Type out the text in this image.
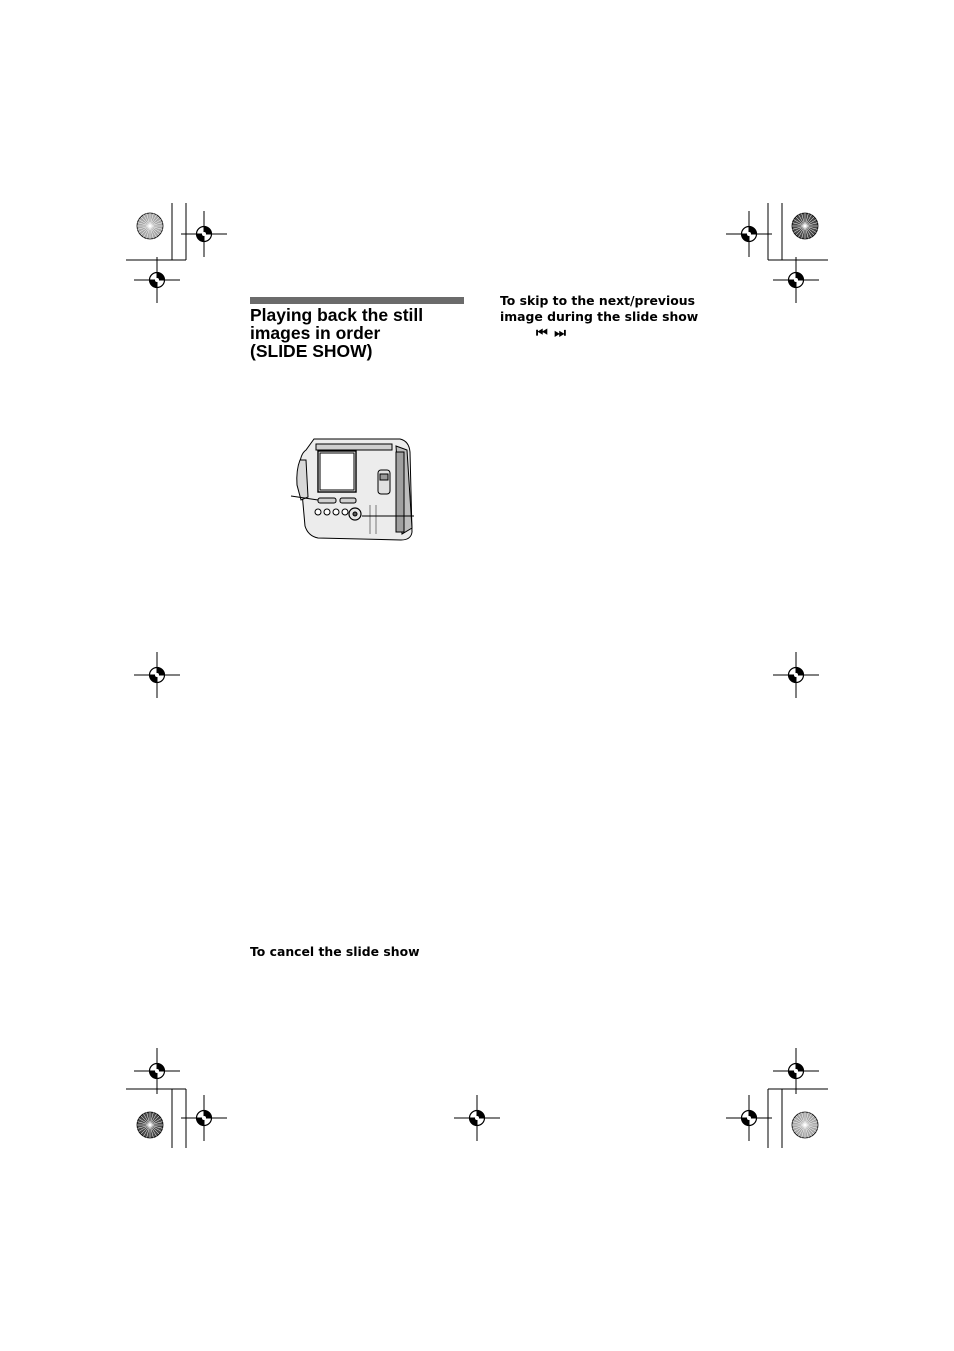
Playing back the still
images in order
(SLIDE SHOW)
To skip to the next/previous
image during the slide show
⏮ ⏭
To cancel the slide show
